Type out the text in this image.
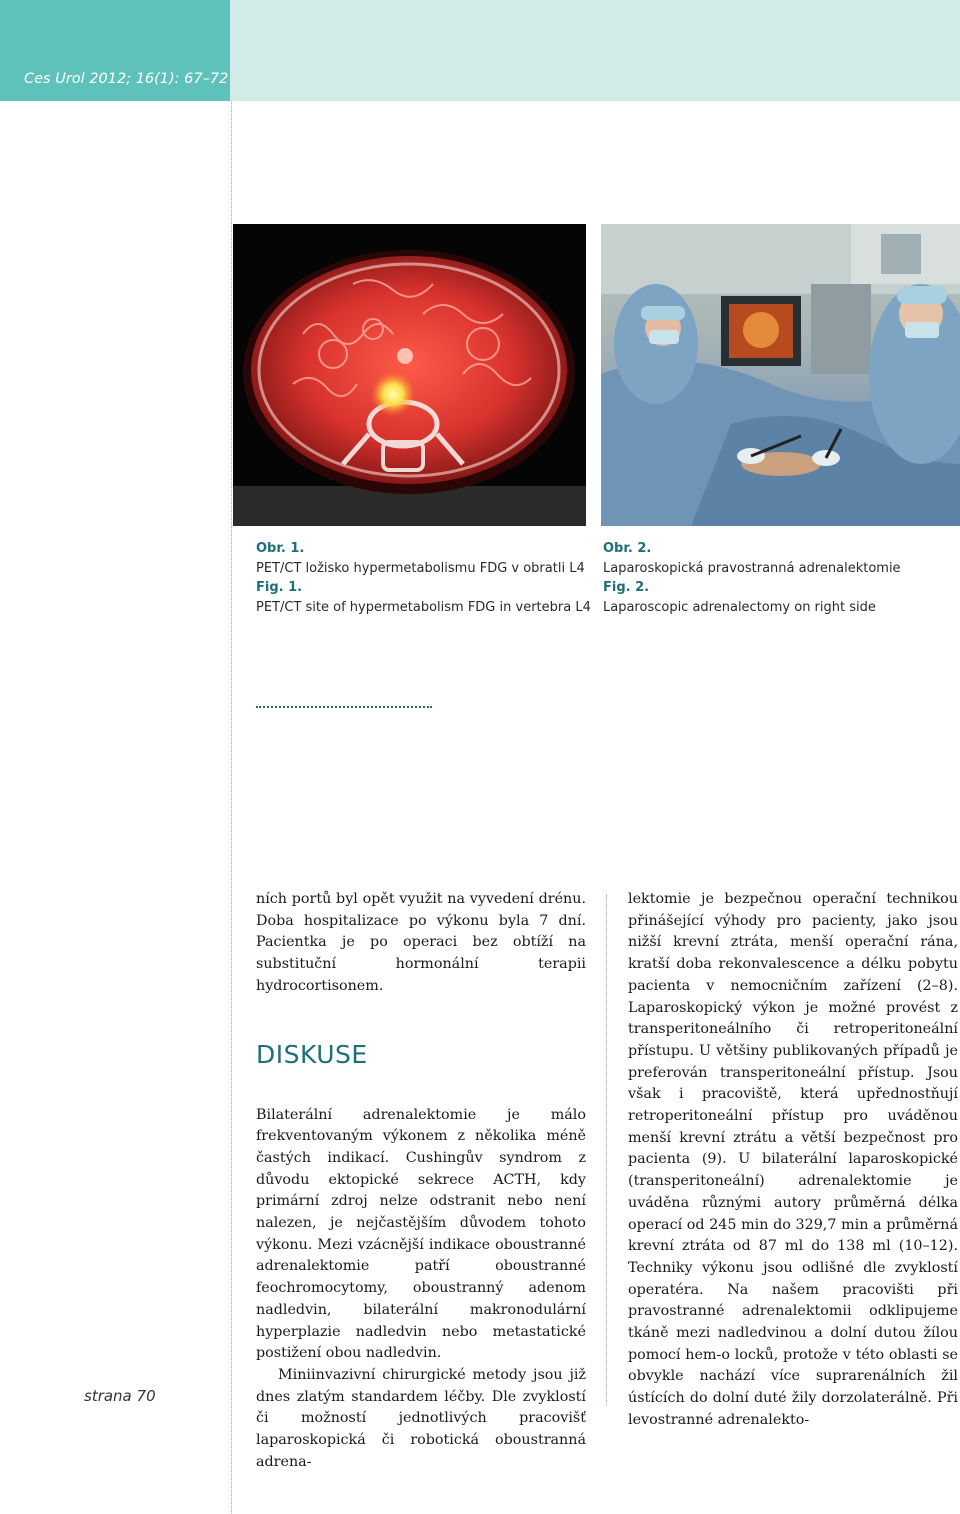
Ces Urol 2012; 16(1): 67–72

strana 70

Obr. 1.

PET/CT ložisko hypermetabolismu FDG v obratli L4

Fig. 1.

PET/CT site of hypermetabolism FDG in vertebra L4

Obr. 2.

Laparoskopická pravostranná adrenalektomie

Fig. 2.

Laparoscopic adrenalectomy on right side

ních portů byl opět využit na vyvedení drénu. Doba hospitalizace po výkonu byla 7 dní. Pacientka je po operaci bez obtíží na substituční hormonální terapii hydrocortisonem.

DISKUSE

Bilaterální adrenalektomie je málo frekventovaným výkonem z několika méně častých indikací. Cushingův syndrom z důvodu ektopické sekrece ACTH, kdy primární zdroj nelze odstranit nebo není nalezen, je nejčastějším důvodem tohoto výkonu. Mezi vzácnější indikace oboustranné adrenalektomie patří oboustranné feochromocytomy, oboustranný adenom nadledvin, bilaterální makronodulární hyperplazie nadledvin nebo metastatické postižení obou nadledvin.

Miniinvazivní chirurgické metody jsou již dnes zlatým standardem léčby. Dle zvyklostí či možností jednotlivých pracovišť laparoskopická či robotická oboustranná adrena-

lektomie je bezpečnou operační technikou přinášející výhody pro pacienty, jako jsou nižší krevní ztráta, menší operační rána, kratší doba rekonvalescence a délku pobytu pacienta v nemocničním zařízení (2–8). Laparoskopický výkon je možné provést z transperitoneálního či retroperitoneální přístupu. U většiny publikovaných případů je preferován transperitoneální přístup. Jsou však i pracoviště, která upřednostňují retroperitoneální přístup pro uváděnou menší krevní ztrátu a větší bezpečnost pro pacienta (9). U bilaterální laparoskopické (transperitoneální) adrenalektomie je uváděna různými autory průměrná délka operací od 245 min do 329,7 min a průměrná krevní ztráta od 87 ml do 138 ml (10–12). Techniky výkonu jsou odlišné dle zvyklostí operatéra. Na našem pracovišti při pravostranné adrenalektomii odklipujeme tkáně mezi nadledvinou a dolní dutou žílou pomocí hem-o locků, protože v této oblasti se obvykle nachází více suprarenálních žil ústících do dolní duté žily dorzolaterálně. Při levostranné adrenalekto-
